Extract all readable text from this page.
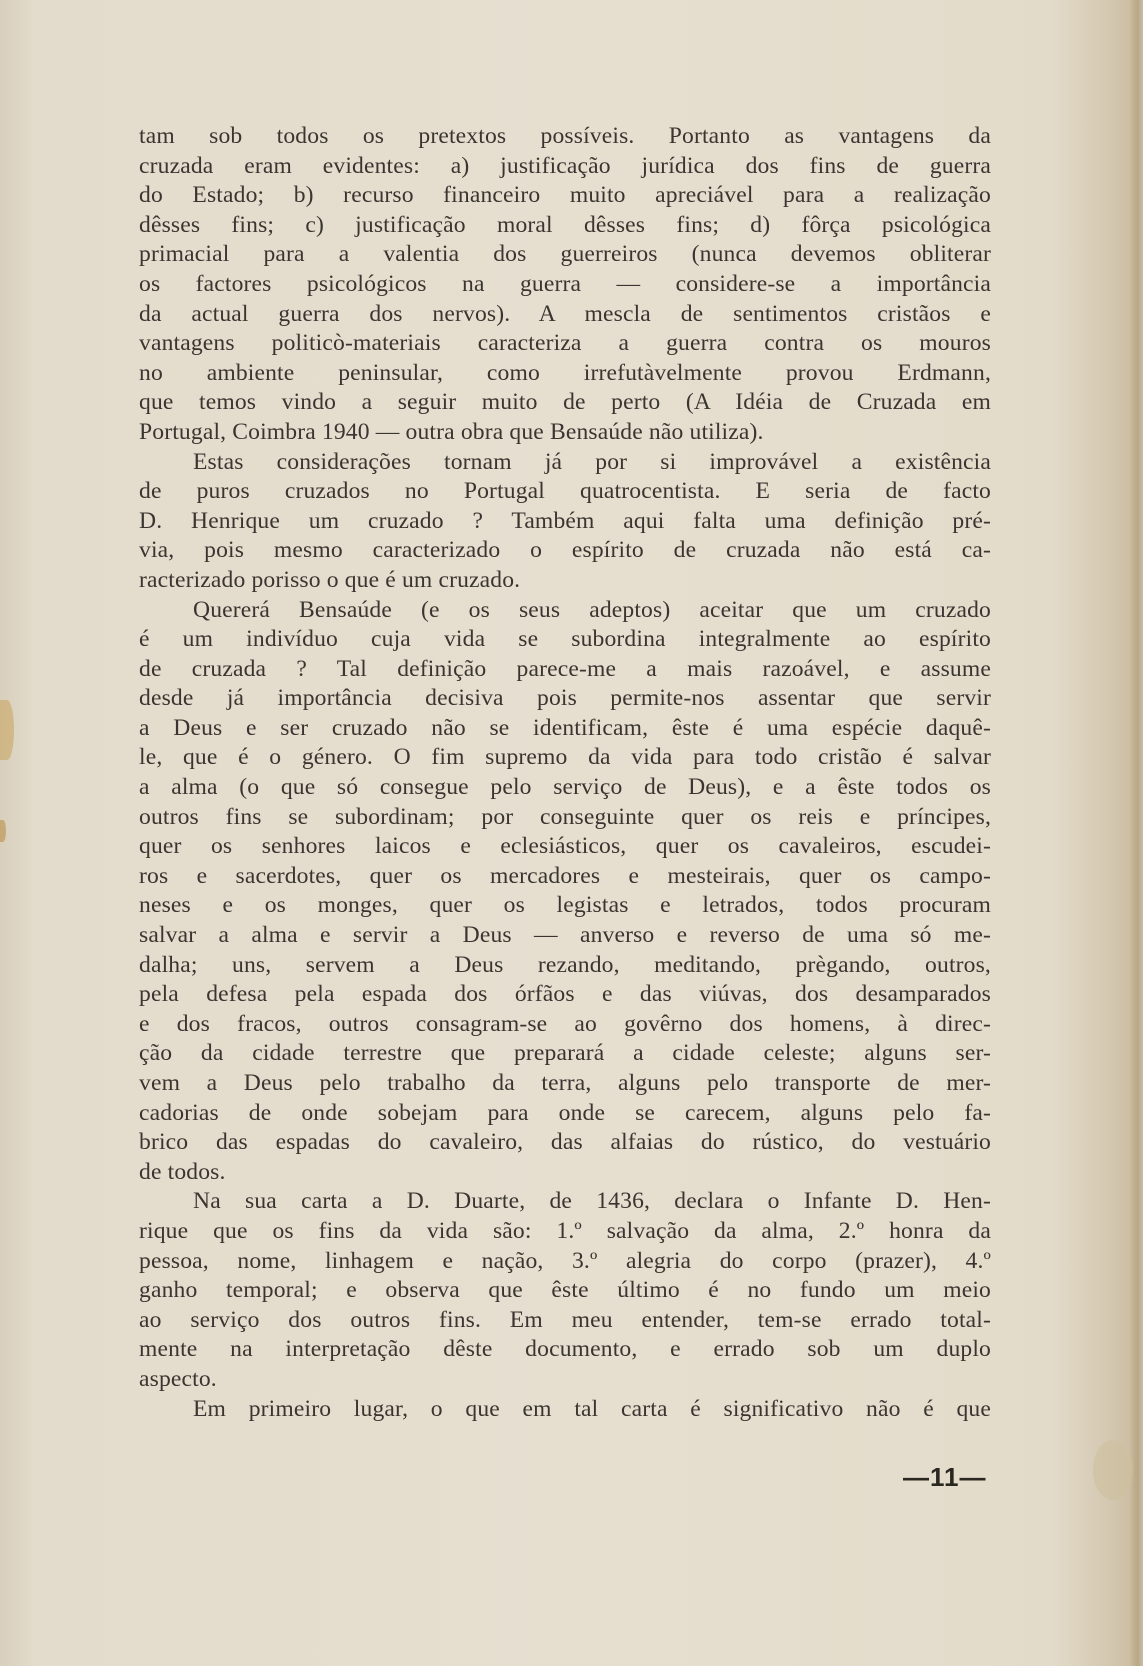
tam sob todos os pretextos possíveis. Portanto as vantagens da
cruzada eram evidentes: a) justificação jurídica dos fins de guerra
do Estado; b) recurso financeiro muito apreciável para a realização
dêsses fins; c) justificação moral dêsses fins; d) fôrça psicológica
primacial para a valentia dos guerreiros (nunca devemos obliterar
os factores psicológicos na guerra — considere-se a importância
da actual guerra dos nervos). A mescla de sentimentos cristãos e
vantagens politicò-materiais caracteriza a guerra contra os mouros
no ambiente peninsular, como irrefutàvelmente provou Erdmann,
que temos vindo a seguir muito de perto (A Idéia de Cruzada em
Portugal, Coimbra 1940 — outra obra que Bensaúde não utiliza).
Estas considerações tornam já por si improvável a existência
de puros cruzados no Portugal quatrocentista. E seria de facto
D. Henrique um cruzado ? Também aqui falta uma definição pré-
via, pois mesmo caracterizado o espírito de cruzada não está ca-
racterizado porisso o que é um cruzado.
Quererá Bensaúde (e os seus adeptos) aceitar que um cruzado
é um indivíduo cuja vida se subordina integralmente ao espírito
de cruzada ? Tal definição parece-me a mais razoável, e assume
desde já importância decisiva pois permite-nos assentar que servir
a Deus e ser cruzado não se identificam, êste é uma espécie daquê-
le, que é o género. O fim supremo da vida para todo cristão é salvar
a alma (o que só consegue pelo serviço de Deus), e a êste todos os
outros fins se subordinam; por conseguinte quer os reis e príncipes,
quer os senhores laicos e eclesiásticos, quer os cavaleiros, escudei-
ros e sacerdotes, quer os mercadores e mesteirais, quer os campo-
neses e os monges, quer os legistas e letrados, todos procuram
salvar a alma e servir a Deus — anverso e reverso de uma só me-
dalha; uns, servem a Deus rezando, meditando, prègando, outros,
pela defesa pela espada dos órfãos e das viúvas, dos desamparados
e dos fracos, outros consagram-se ao govêrno dos homens, à direc-
ção da cidade terrestre que preparará a cidade celeste; alguns ser-
vem a Deus pelo trabalho da terra, alguns pelo transporte de mer-
cadorias de onde sobejam para onde se carecem, alguns pelo fa-
brico das espadas do cavaleiro, das alfaias do rústico, do vestuário
de todos.
Na sua carta a D. Duarte, de 1436, declara o Infante D. Hen-
rique que os fins da vida são: 1.º salvação da alma, 2.º honra da
pessoa, nome, linhagem e nação, 3.º alegria do corpo (prazer), 4.º
ganho temporal; e observa que êste último é no fundo um meio
ao serviço dos outros fins. Em meu entender, tem-se errado total-
mente na interpretação dêste documento, e errado sob um duplo
aspecto.
Em primeiro lugar, o que em tal carta é significativo não é que
—11—
